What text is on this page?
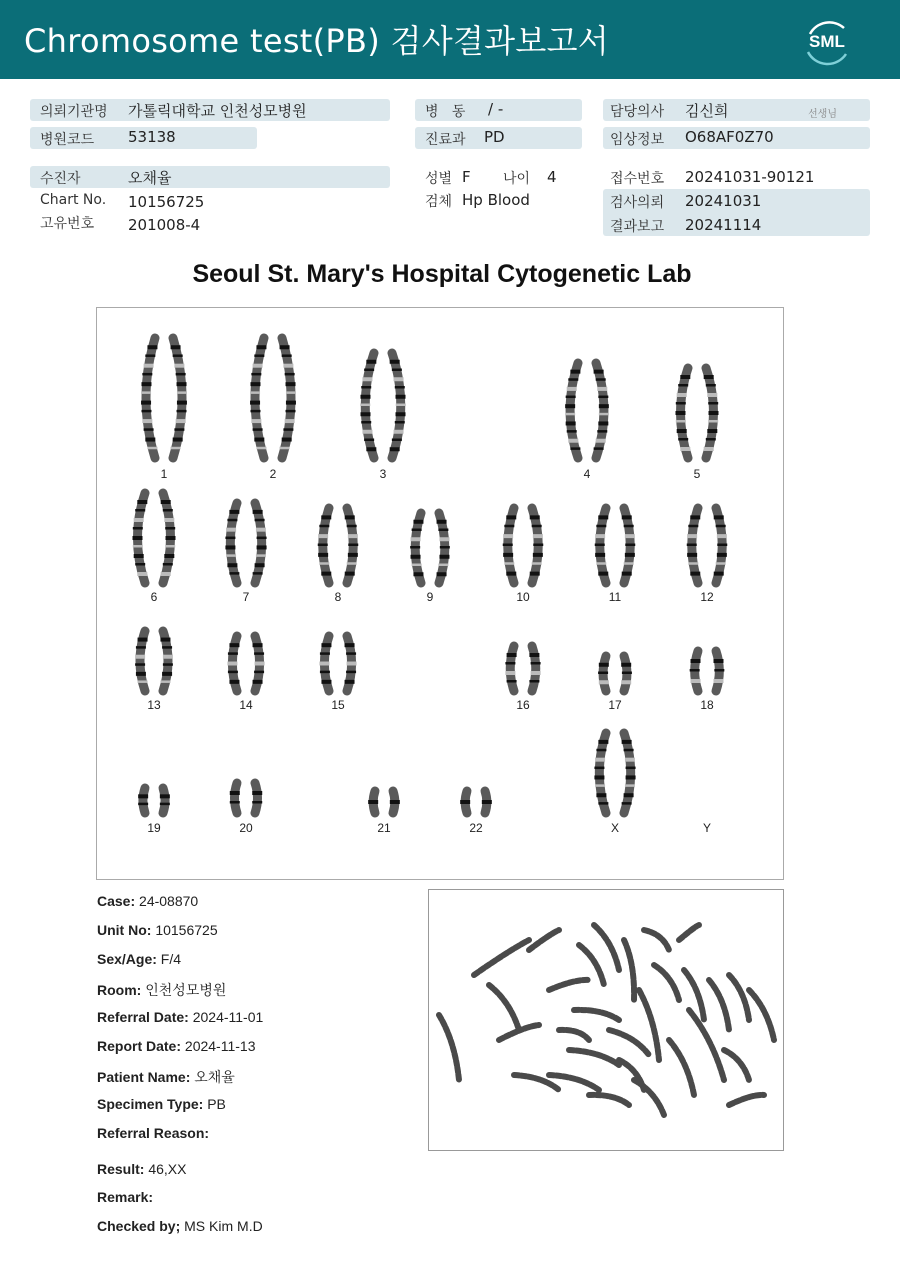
Chromosome test(PB) 검사결과보고서	SML
의뢰기관명 가톨릭대학교 인천성모병원
병원코드 53138
병   동 / -
진료과 PD
담당의사 김신희	선생님
임상정보 O68AF0Z70
수진자	오채율
Chart No. 10156725
고유번호 201008-4
성별 F 나이 4
검체 Hp Blood
접수번호 20241031-90121
검사의뢰 20241031
결과보고 20241114
Seoul St. Mary's Hospital Cytogenetic Lab
1	2	3	4	5
6	7	8	9	10	11	12
13	14	15	16	17	18
19	20	21	22	X	Y
Case: 24-08870
Unit No: 10156725
Sex/Age: F/4
Room: 인천성모병원
Referral Date: 2024-11-01
Report Date: 2024-11-13
Patient Name: 오채율
Specimen Type: PB
Referral Reason:
Result: 46,XX
Remark:
Checked by; MS Kim M.D
